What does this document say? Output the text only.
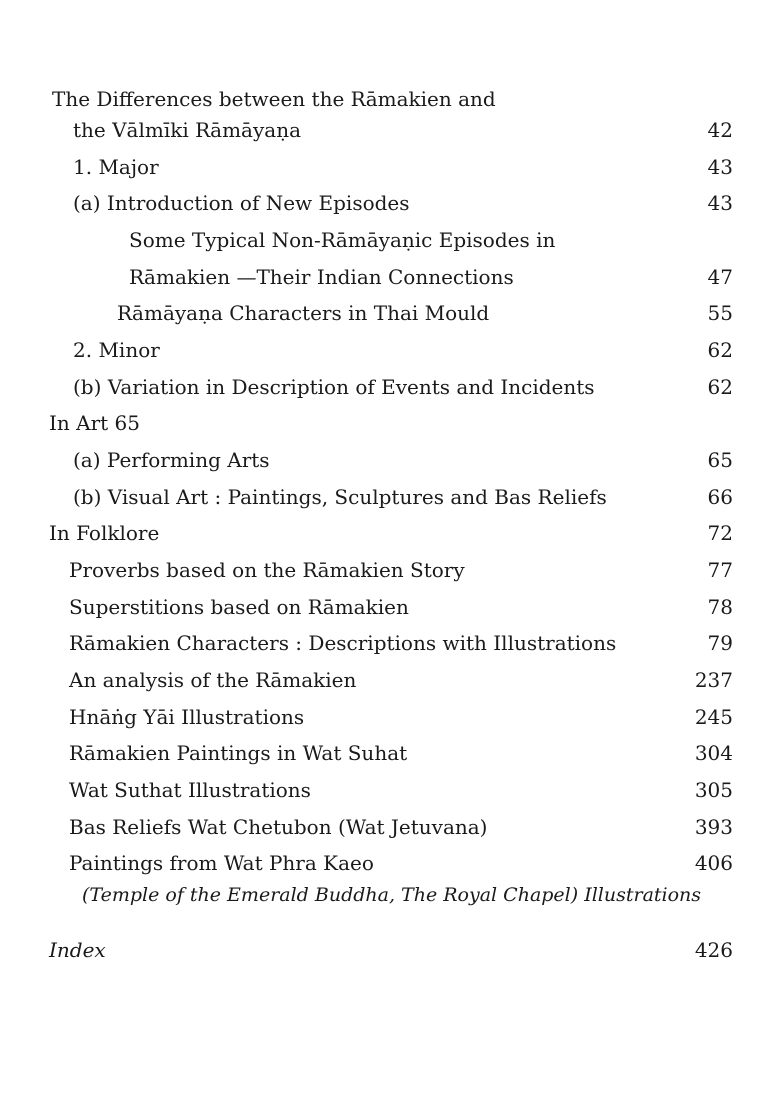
The Differences between the Rāmakien and
the Vālmīki Rāmāyaṇa	42
1. Major	43
(a) Introduction of New Episodes	43
Some Typical Non-Rāmāyaṇic Episodes in
Rāmakien —Their Indian Connections	47
Rāmāyaṇa Characters in Thai Mould	55
2. Minor	62
(b) Variation in Description of Events and Incidents	62
In Art 65
(a) Performing Arts	65
(b) Visual Art : Paintings, Sculptures and Bas Reliefs	66
In Folklore	72
Proverbs based on the Rāmakien Story	77
Superstitions based on Rāmakien	78
Rāmakien Characters : Descriptions with Illustrations	79
An analysis of the Rāmakien	237
Hnāṅg Yāi Illustrations	245
Rāmakien Paintings in Wat Suhat	304
Wat Suthat Illustrations	305
Bas Reliefs Wat Chetubon (Wat Jetuvana)	393
Paintings from Wat Phra Kaeo	406
(Temple of the Emerald Buddha, The Royal Chapel) Illustrations
Index	426
